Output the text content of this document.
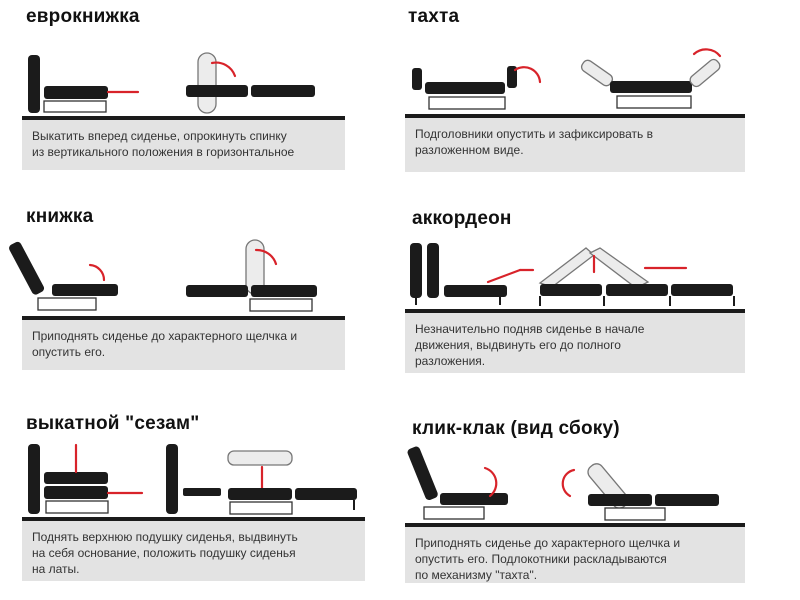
еврокнижка
Выкатить вперед сиденье, опрокинуть спинку
из вертикального положения в горизонтальное
тахта
Подголовники опустить и зафиксировать в
разложенном виде.
книжка
Приподнять сиденье до характерного щелчка и
опустить его.
аккордеон
Незначительно подняв сиденье в начале
движения, выдвинуть его до полного
разложения.
выкатной "сезам"
Поднять верхнюю подушку сиденья, выдвинуть
на себя основание, положить подушку сиденья
на латы.
клик-клак (вид сбоку)
Приподнять сиденье до характерного щелчка и
опустить его. Подлокотники раскладываются
по механизму "тахта".
